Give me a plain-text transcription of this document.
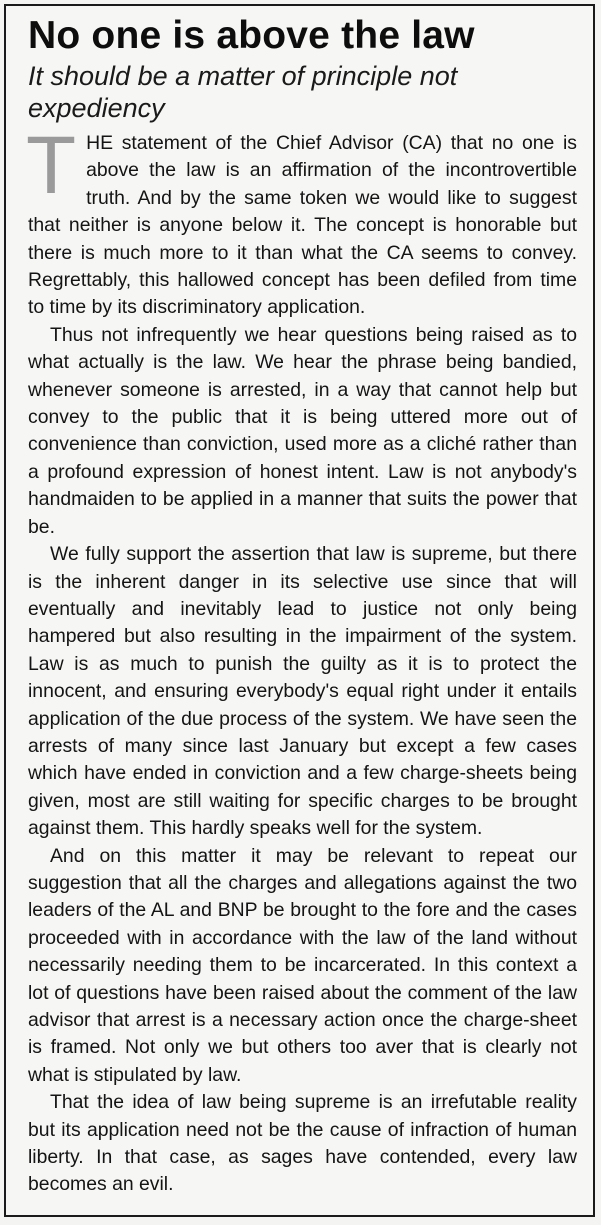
No one is above the law
It should be a matter of principle not expediency

THE statement of the Chief Advisor (CA) that no one is above the law is an affirmation of the incontrovertible truth. And by the same token we would like to suggest that neither is anyone below it. The concept is honorable but there is much more to it than what the CA seems to convey. Regrettably, this hallowed concept has been defiled from time to time by its discriminatory application.

Thus not infrequently we hear questions being raised as to what actually is the law. We hear the phrase being bandied, whenever someone is arrested, in a way that cannot help but convey to the public that it is being uttered more out of convenience than conviction, used more as a cliché rather than a profound expression of honest intent. Law is not anybody's handmaiden to be applied in a manner that suits the power that be.

We fully support the assertion that law is supreme, but there is the inherent danger in its selective use since that will eventually and inevitably lead to justice not only being hampered but also resulting in the impairment of the system. Law is as much to punish the guilty as it is to protect the innocent, and ensuring everybody's equal right under it entails application of the due process of the system. We have seen the arrests of many since last January but except a few cases which have ended in conviction and a few charge-sheets being given, most are still waiting for specific charges to be brought against them. This hardly speaks well for the system.

And on this matter it may be relevant to repeat our suggestion that all the charges and allegations against the two leaders of the AL and BNP be brought to the fore and the cases proceeded with in accordance with the law of the land without necessarily needing them to be incarcerated. In this context a lot of questions have been raised about the comment of the law advisor that arrest is a necessary action once the charge-sheet is framed. Not only we but others too aver that is clearly not what is stipulated by law.

That the idea of law being supreme is an irrefutable reality but its application need not be the cause of infraction of human liberty. In that case, as sages have contended, every law becomes an evil.
